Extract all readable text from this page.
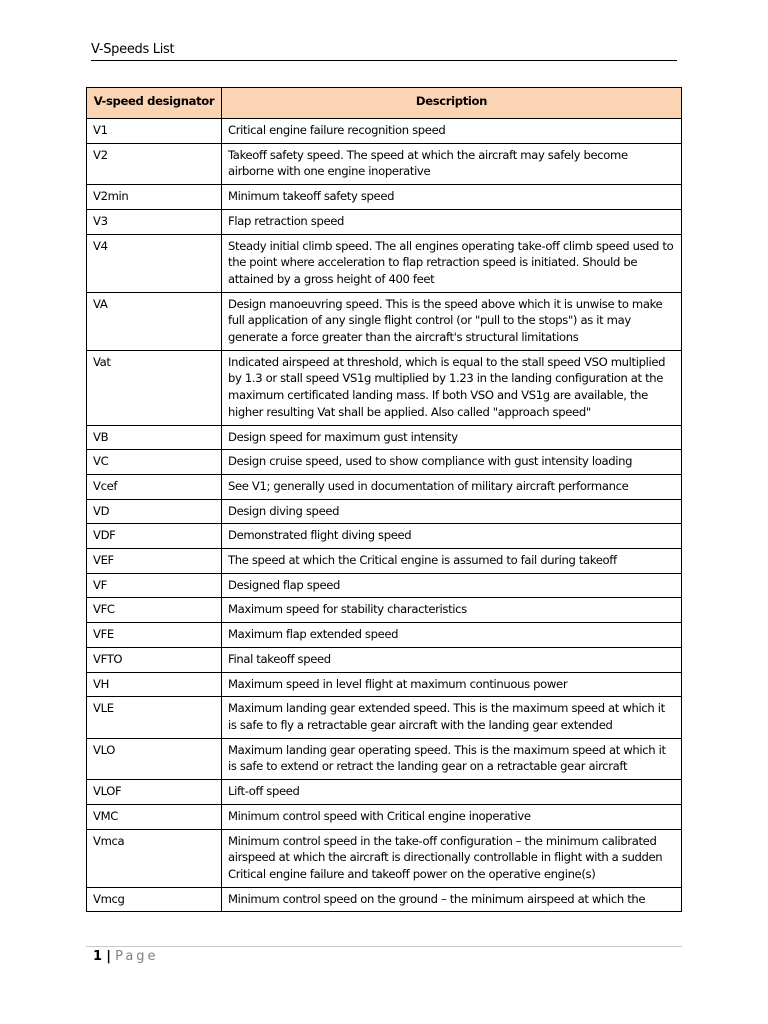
V-Speeds List
V-speed designator	Description
V1	Critical engine failure recognition speed
V2	Takeoff safety speed. The speed at which the aircraft may safely become airborne with one engine inoperative
V2min	Minimum takeoff safety speed
V3	Flap retraction speed
V4	Steady initial climb speed. The all engines operating take-off climb speed used to the point where acceleration to flap retraction speed is initiated. Should be attained by a gross height of 400 feet
VA	Design manoeuvring speed. This is the speed above which it is unwise to make full application of any single flight control (or "pull to the stops") as it may generate a force greater than the aircraft's structural limitations
Vat	Indicated airspeed at threshold, which is equal to the stall speed VSO multiplied by 1.3 or stall speed VS1g multiplied by 1.23 in the landing configuration at the maximum certificated landing mass. If both VSO and VS1g are available, the higher resulting Vat shall be applied. Also called "approach speed"
VB	Design speed for maximum gust intensity
VC	Design cruise speed, used to show compliance with gust intensity loading
Vcef	See V1; generally used in documentation of military aircraft performance
VD	Design diving speed
VDF	Demonstrated flight diving speed
VEF	The speed at which the Critical engine is assumed to fail during takeoff
VF	Designed flap speed
VFC	Maximum speed for stability characteristics
VFE	Maximum flap extended speed
VFTO	Final takeoff speed
VH	Maximum speed in level flight at maximum continuous power
VLE	Maximum landing gear extended speed. This is the maximum speed at which it is safe to fly a retractable gear aircraft with the landing gear extended
VLO	Maximum landing gear operating speed. This is the maximum speed at which it is safe to extend or retract the landing gear on a retractable gear aircraft
VLOF	Lift-off speed
VMC	Minimum control speed with Critical engine inoperative
Vmca	Minimum control speed in the take-off configuration – the minimum calibrated airspeed at which the aircraft is directionally controllable in flight with a sudden Critical engine failure and takeoff power on the operative engine(s)
Vmcg	Minimum control speed on the ground – the minimum airspeed at which the
1 | Page
